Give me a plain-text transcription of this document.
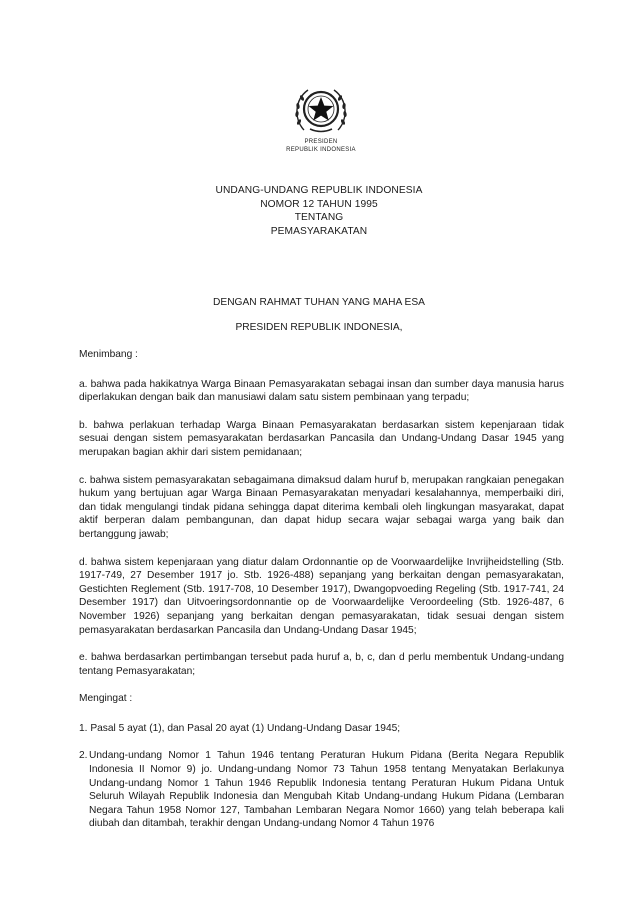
PRESIDEN
REPUBLIK INDONESIA
UNDANG-UNDANG REPUBLIK INDONESIA
NOMOR 12 TAHUN 1995
TENTANG
PEMASYARAKATAN
DENGAN RAHMAT TUHAN YANG MAHA ESA
PRESIDEN REPUBLIK INDONESIA,

Menimbang :

a. bahwa pada hakikatnya Warga Binaan Pemasyarakatan sebagai insan dan sumber daya manusia harus diperlakukan dengan baik dan manusiawi dalam satu sistem pembinaan yang terpadu;

b. bahwa perlakuan terhadap Warga Binaan Pemasyarakatan berdasarkan sistem kepenjaraan tidak sesuai dengan sistem pemasyarakatan berdasarkan Pancasila dan Undang-Undang Dasar 1945 yang merupakan bagian akhir dari sistem pemidanaan;

c. bahwa sistem pemasyarakatan sebagaimana dimaksud dalam huruf b, merupakan rangkaian penegakan hukum yang bertujuan agar Warga Binaan Pemasyarakatan menyadari kesalahannya, memperbaiki diri, dan tidak mengulangi tindak pidana sehingga dapat diterima kembali oleh lingkungan masyarakat, dapat aktif berperan dalam pembangunan, dan dapat hidup secara wajar sebagai warga yang baik dan bertanggung jawab;

d. bahwa sistem kepenjaraan yang diatur dalam Ordonnantie op de Voorwaardelijke Invrijheidstelling (Stb. 1917-749, 27 Desember 1917 jo. Stb. 1926-488) sepanjang yang berkaitan dengan pemasyarakatan, Gestichten Reglement (Stb. 1917-708, 10 Desember 1917), Dwangopvoeding Regeling (Stb. 1917-741, 24 Desember 1917) dan Uitvoeringsordonnantie op de Voorwaardelijke Veroordeeling (Stb. 1926-487, 6 November 1926) sepanjang yang berkaitan dengan pemasyarakatan, tidak sesuai dengan sistem pemasyarakatan berdasarkan Pancasila dan Undang-Undang Dasar 1945;

e. bahwa berdasarkan pertimbangan tersebut pada huruf a, b, c, dan d perlu membentuk Undang-undang tentang Pemasyarakatan;

Mengingat :

1. Pasal 5 ayat (1), dan Pasal 20 ayat (1) Undang-Undang Dasar 1945;

2. Undang-undang Nomor 1 Tahun 1946 tentang Peraturan Hukum Pidana (Berita Negara Republik Indonesia II Nomor 9) jo. Undang-undang Nomor 73 Tahun 1958 tentang Menyatakan Berlakunya Undang-undang Nomor 1 Tahun 1946 Republik Indonesia tentang Peraturan Hukum Pidana Untuk Seluruh Wilayah Republik Indonesia dan Mengubah Kitab Undang-undang Hukum Pidana (Lembaran Negara Tahun 1958 Nomor 127, Tambahan Lembaran Negara Nomor 1660) yang telah beberapa kali diubah dan ditambah, terakhir dengan Undang-undang Nomor 4 Tahun 1976
